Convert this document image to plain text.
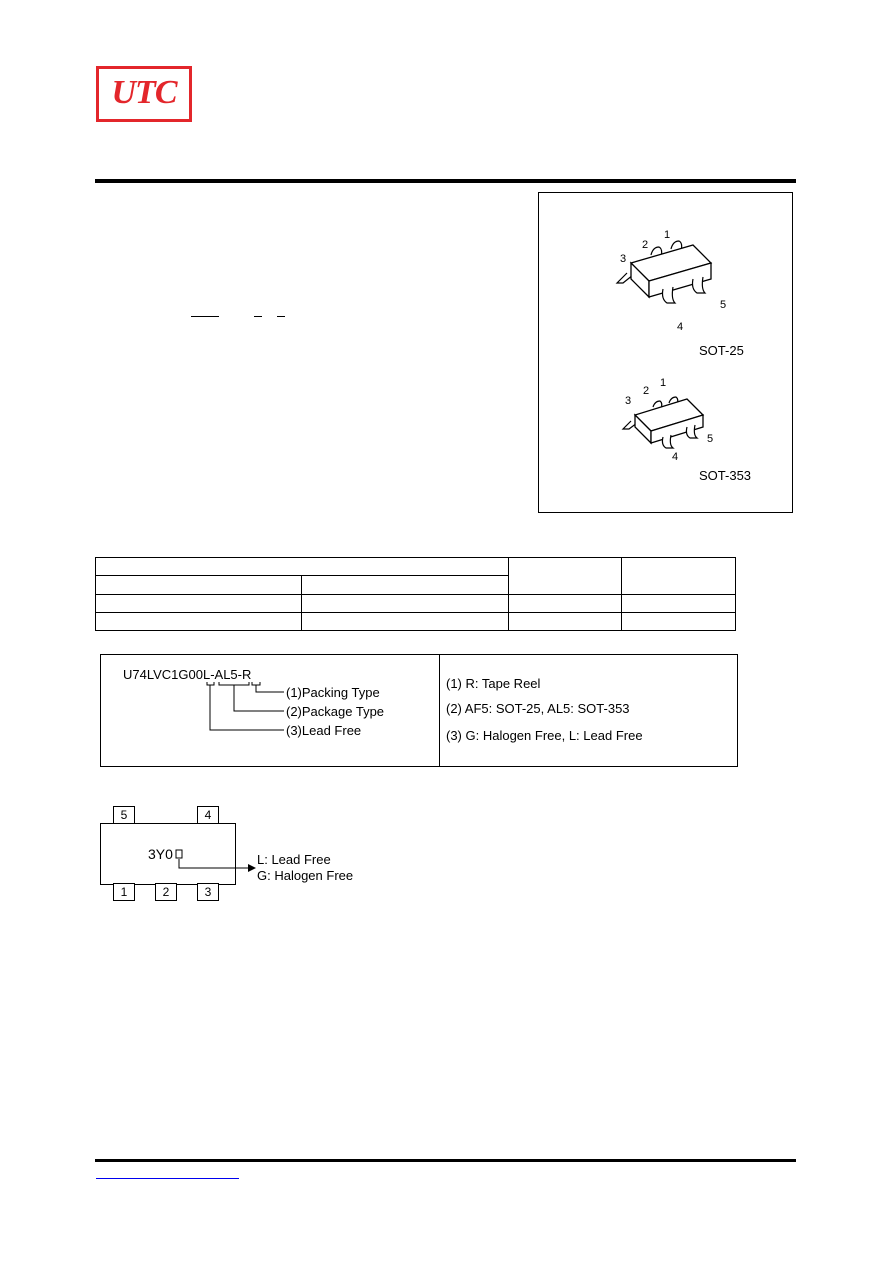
UTC
1
2
3
4
5
SOT-25
1
2
3
4
5
SOT-353

U74LVC1G00L-AL5-R
(1)Packing Type
(2)Package Type
(3)Lead Free
(1) R: Tape Reel
(2) AF5: SOT-25, AL5: SOT-353
(3) G: Halogen Free, L: Lead Free
5	4
3Y0
1	2	3
L: Lead Free
G: Halogen Free
